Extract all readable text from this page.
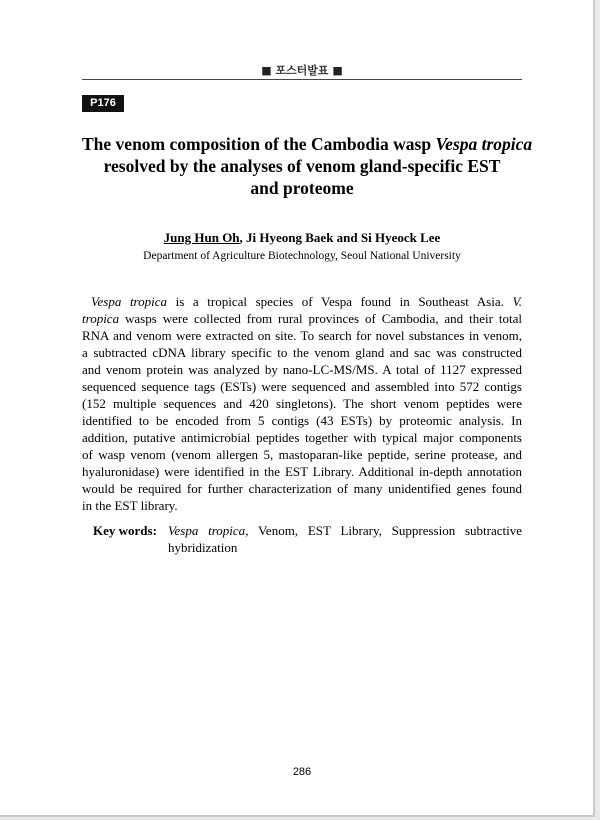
■ 포스터발표 ■
P176
The venom composition of the Cambodia wasp Vespa tropica
resolved by the analyses of venom gland-specific EST
and proteome
Jung Hun Oh, Ji Hyeong Baek and Si Hyeock Lee
Department of Agriculture Biotechnology, Seoul National University
Vespa tropica is a tropical species of Vespa found in Southeast Asia. V.
tropica wasps were collected from rural provinces of Cambodia, and their total
RNA and venom were extracted on site. To search for novel substances in venom,
a subtracted cDNA library specific to the venom gland and sac was constructed
and venom protein was analyzed by nano-LC-MS/MS. A total of 1127 expressed
sequenced sequence tags (ESTs) were sequenced and assembled into 572 contigs
(152 multiple sequences and 420 singletons). The short venom peptides were
identified to be encoded from 5 contigs (43 ESTs) by proteomic analysis. In
addition, putative antimicrobial peptides together with typical major components
of wasp venom (venom allergen 5, mastoparan-like peptide, serine protease, and
hyaluronidase) were identified in the EST Library. Additional in-depth annotation
would be required for further characterization of many unidentified genes found
in the EST library.
Key words: Vespa tropica, Venom, EST Library, Suppression subtractive
hybridization
286
